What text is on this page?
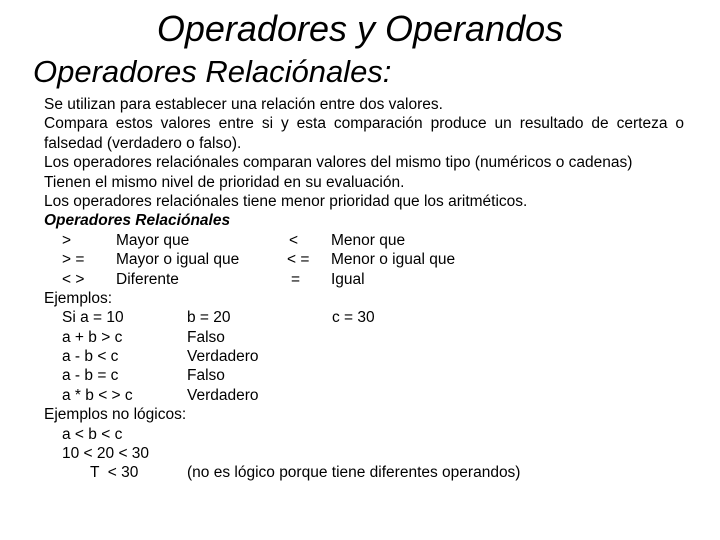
Operadores y Operandos
Operadores Relaciónales:
Se utilizan para establecer una relación entre dos valores.
Compara estos valores entre si y esta comparación produce un resultado de certeza o
falsedad (verdadero o falso).
Los operadores relaciónales comparan valores del mismo tipo (numéricos o cadenas)
Tienen el mismo nivel de prioridad en su evaluación.
Los operadores relaciónales tiene menor prioridad que los aritméticos.
Operadores Relaciónales
>	Mayor que	< Menor que
> = Mayor o igual que	< = Menor o igual que
< > Diferente	= Igual
Ejemplos:
Si a = 10	b = 20	c = 30
a + b > c	Falso
a - b < c	Verdadero
a - b = c	Falso
a * b < > c	Verdadero
Ejemplos no lógicos:
a < b < c
10 < 20 < 30
T  < 30	(no es lógico porque tiene diferentes operandos)
